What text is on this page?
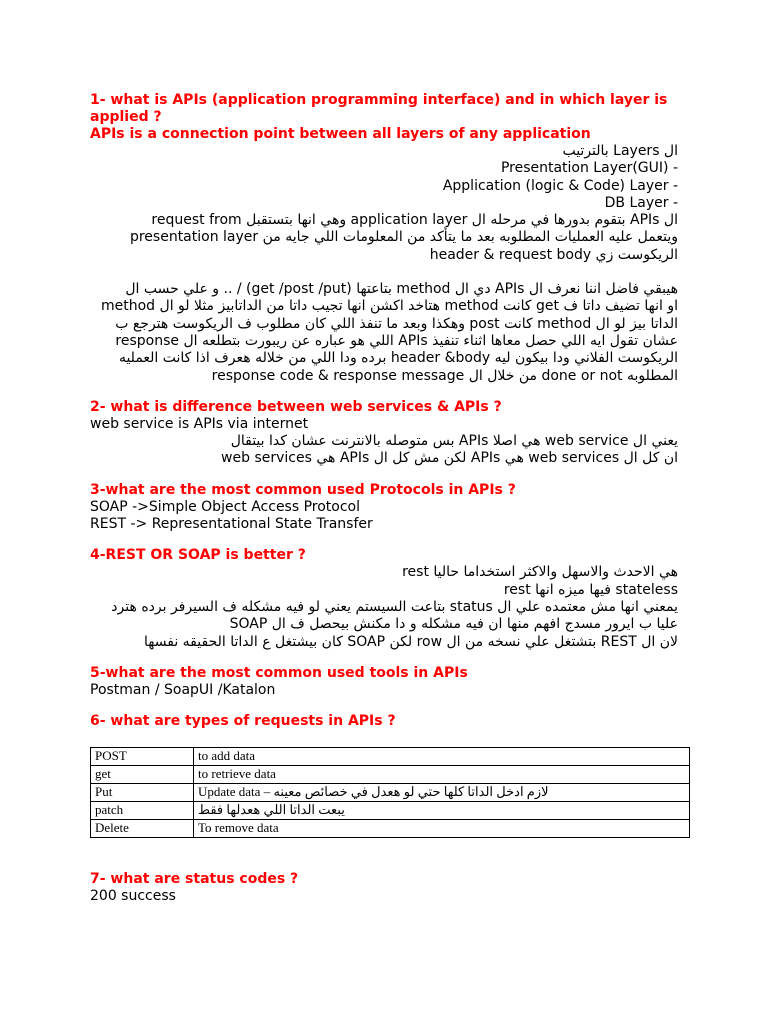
1- what is APIs (application programming interface) and in which layer is applied ?
APIs is a connection point between all layers of any application
ال Layers بالترتيب
Presentation Layer(GUI) -
Application (logic & Code) Layer -
DB Layer -
ال APIs بتقوم بدورها في مرحله ال application layer وهي انها بتستقبل request from
presentation layer ويتعمل عليه العمليات المطلوبه بعد ما يتأكد من المعلومات اللي جايه من
الريكوست زي header & request body
هيبقي فاضل اننا نعرف ال APIs دي ال method بتاعتها (get /post /put) / .. و علي حسب ال
method هتاخد اكشن انها تجيب داتا من الداتابيز مثلا لو ال method كانت get او انها تضيف داتا ف
الداتا بيز لو ال method كانت post وهكذا وبعد ما تنفذ اللي كان مطلوب ف الريكوست هترجع ب
response اللي هو عباره عن ريبورت بتطلعه ال APIs عشان تقول ايه اللي حصل معاها اثناء تنفيذ
الريكوست الفلاني ودا بيكون ليه header &body برده ودا اللي من خلاله هعرف اذا كانت العمليه
المطلوبه done or not من خلال ال response code & response message
2- what is difference between web services & APIs ?
web service is APIs via internet
يعني ال web service هي اصلا APIs بس متوصله بالانترنت عشان كدا بيتقال
ان كل ال web services هي APIs لكن مش كل ال APIs هي web services
3-what are the most common used Protocols in APIs ?
SOAP ->Simple Object Access Protocol
REST -> Representational State Transfer
4-REST OR SOAP is better ?
rest هي الاحدث والاسهل والاكثر استخداما حاليا
rest فيها ميزه انها stateless
يمعني انها مش معتمده علي ال status بتاعت السيستم يعني لو فيه مشكله ف السيرفر برده هترد
عليا ب ايرور مسدج افهم منها ان فيه مشكله و دا مكنش بيحصل ف ال SOAP
لان ال REST بتشتغل علي نسخه من ال row لكن SOAP كان بيشتغل ع الداتا الحقيقه نفسها
5-what are the most common used tools in APIs
Postman / SoapUI /Katalon
6- what are types of requests in APIs ?
POST	to add data
get	to retrieve data
Put	Update data – لازم ادخل الداتا كلها حتي لو هعدل في خصائص معينه
patch	يبعت الداتا اللي هعدلها فقط
Delete	To remove data
7- what are status codes ?
200 success
